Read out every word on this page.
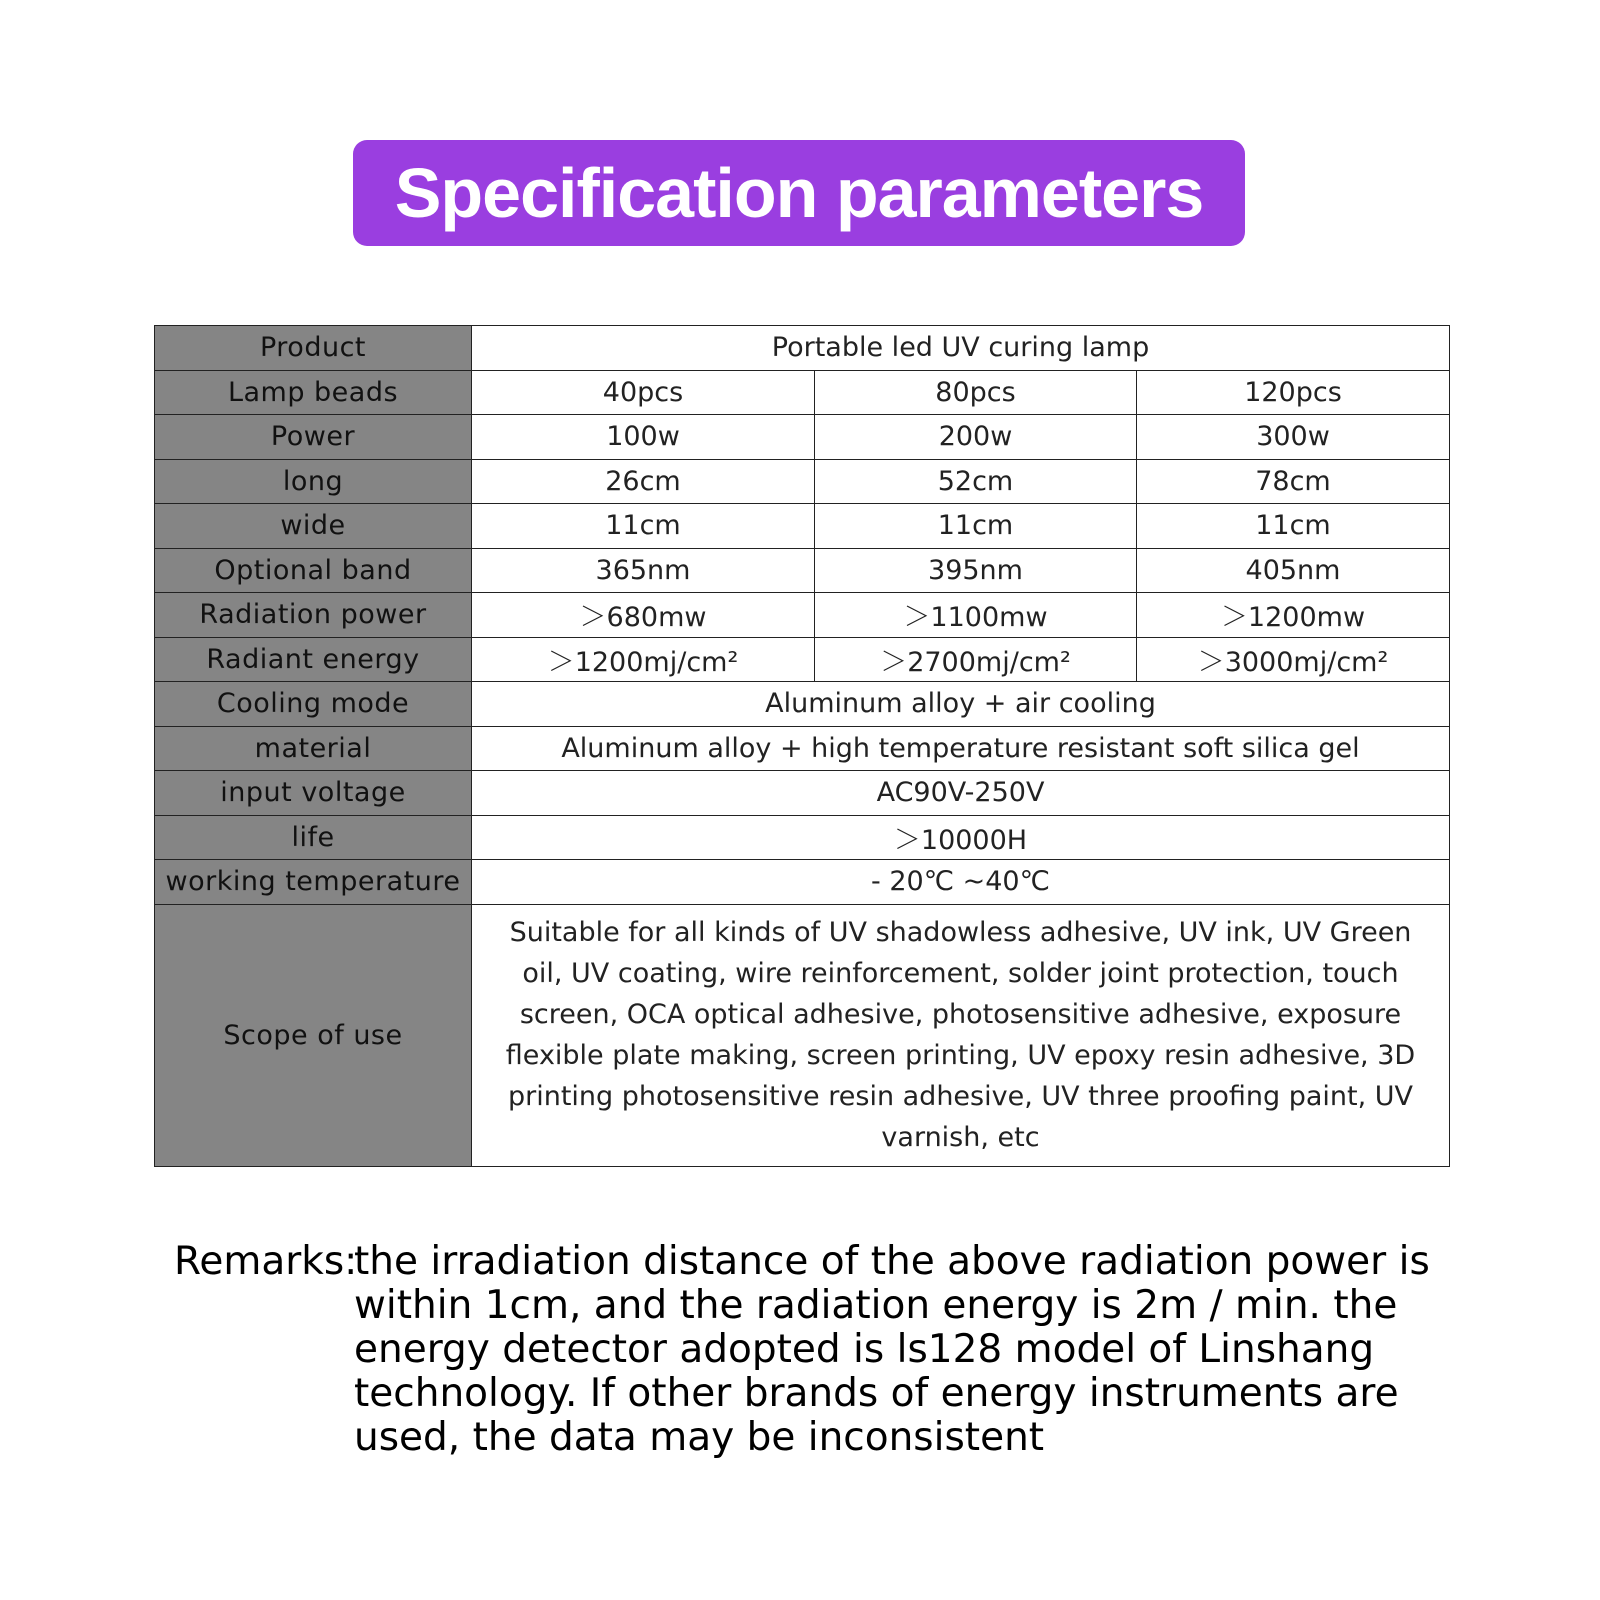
Specification parameters
Product	Portable led UV curing lamp		
Lamp beads	40pcs	80pcs	120pcs
Power	100w	200w	300w
long	26cm	52cm	78cm
wide	11cm	11cm	11cm
Optional band	365nm	395nm	405nm
Radiation power	＞680mw	＞1100mw	＞1200mw
Radiant energy	＞1200mj/cm²	＞2700mj/cm²	＞3000mj/cm²
Cooling mode	Aluminum alloy + air cooling		
material	Aluminum alloy + high temperature resistant soft silica gel		
input voltage	AC90V-250V		
life	＞10000H		
working temperature	- 20℃ ~40℃		
Scope of use	Suitable for all kinds of UV shadowless adhesive, UV ink, UV Green oil, UV coating, wire reinforcement, solder joint protection, touch screen, OCA optical adhesive, photosensitive adhesive, exposure flexible plate making, screen printing, UV epoxy resin adhesive, 3D printing photosensitive resin adhesive, UV three proofing paint, UV varnish, etc		
Remarks:
the irradiation distance of the above radiation power is within 1cm, and the radiation energy is 2m / min. the energy detector adopted is ls128 model of Linshang technology. If other brands of energy instruments are used, the data may be inconsistent
